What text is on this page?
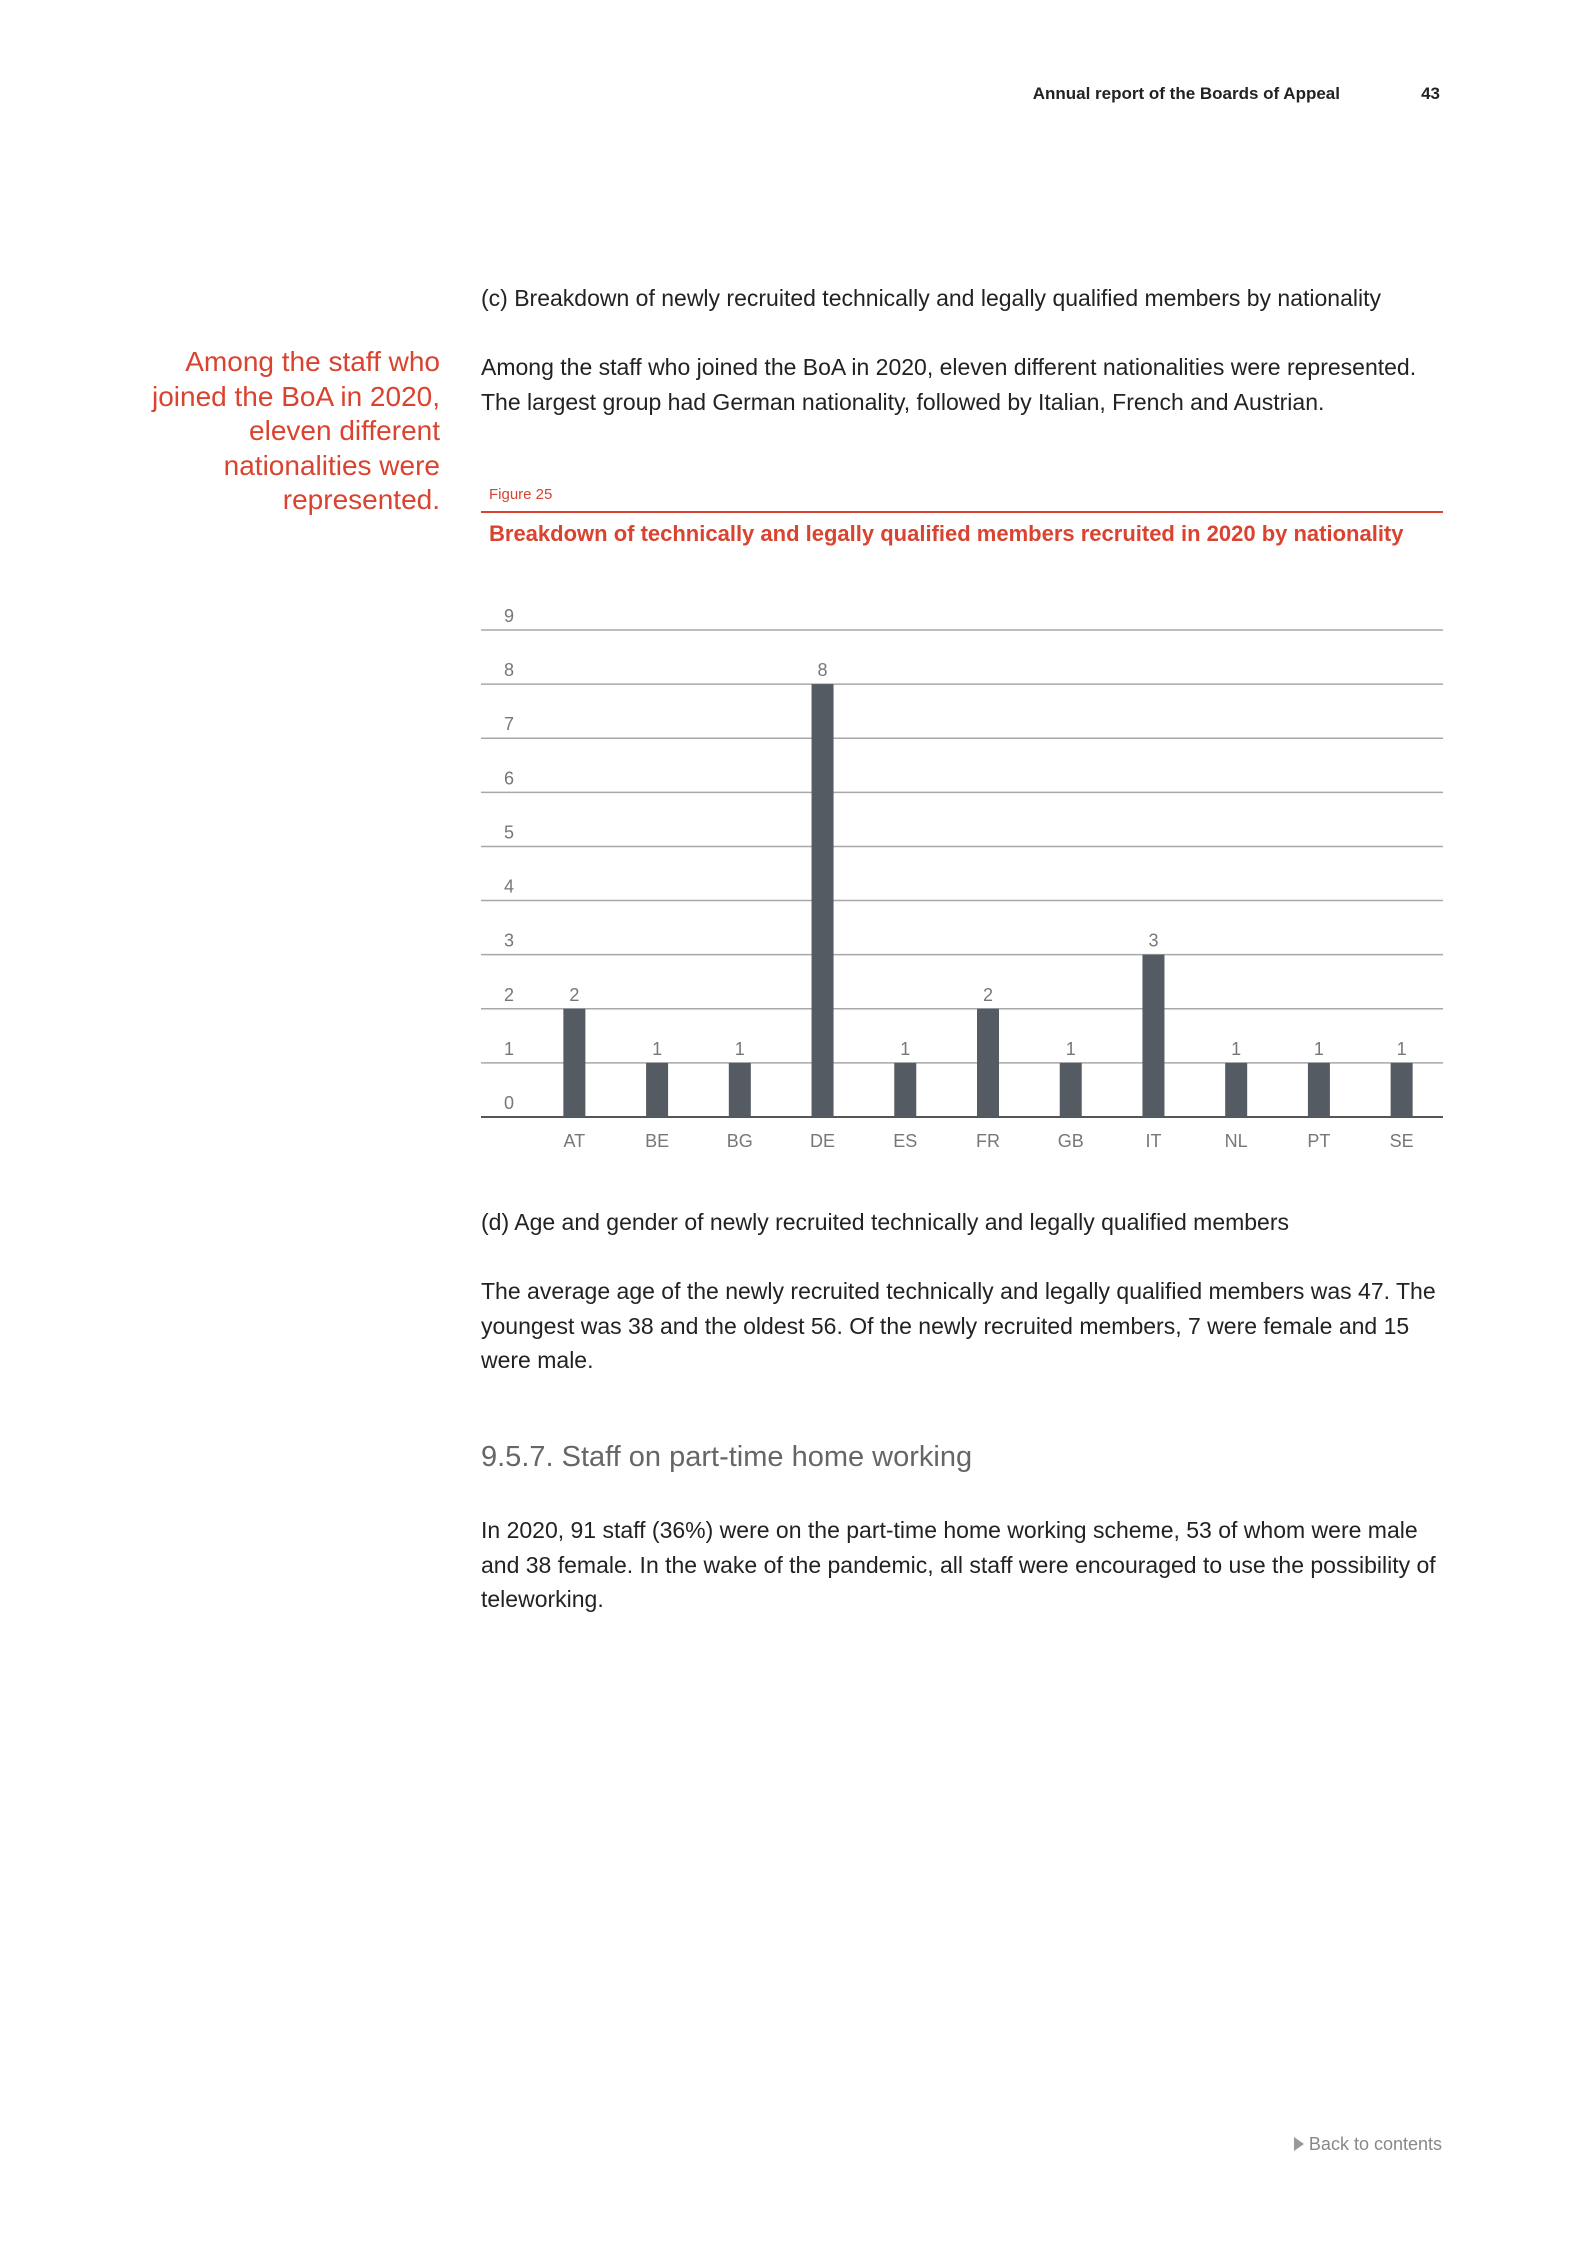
Annual report of the Boards of Appeal	43
(c) Breakdown of newly recruited technically and legally qualified members by nationality
Among the staff who joined the BoA in 2020, eleven different nationalities were represented. The largest group had German nationality, followed by Italian, French and Austrian.
Among the staff who joined the BoA in 2020, eleven different nationalities were represented.	Figure 25
Breakdown of technically and legally qualified members recruited in 2020 by nationality
0
1
2
3
4
5
6
7
8
9
2
AT
1
BE
1
BG
8
DE
1
ES
2
FR
1
GB
3
IT
1
NL
1
PT
1
SE
(d) Age and gender of newly recruited technically and legally qualified members
The average age of the newly recruited technically and legally qualified members was 47. The youngest was 38 and the oldest 56. Of the newly recruited members, 7 were female and 15 were male.
9.5.7. Staff on part-time home working
In 2020, 91 staff (36%) were on the part-time home working scheme, 53 of whom were male and 38 female. In the wake of the pandemic, all staff were encouraged to use the possibility of teleworking.
Back to contents
